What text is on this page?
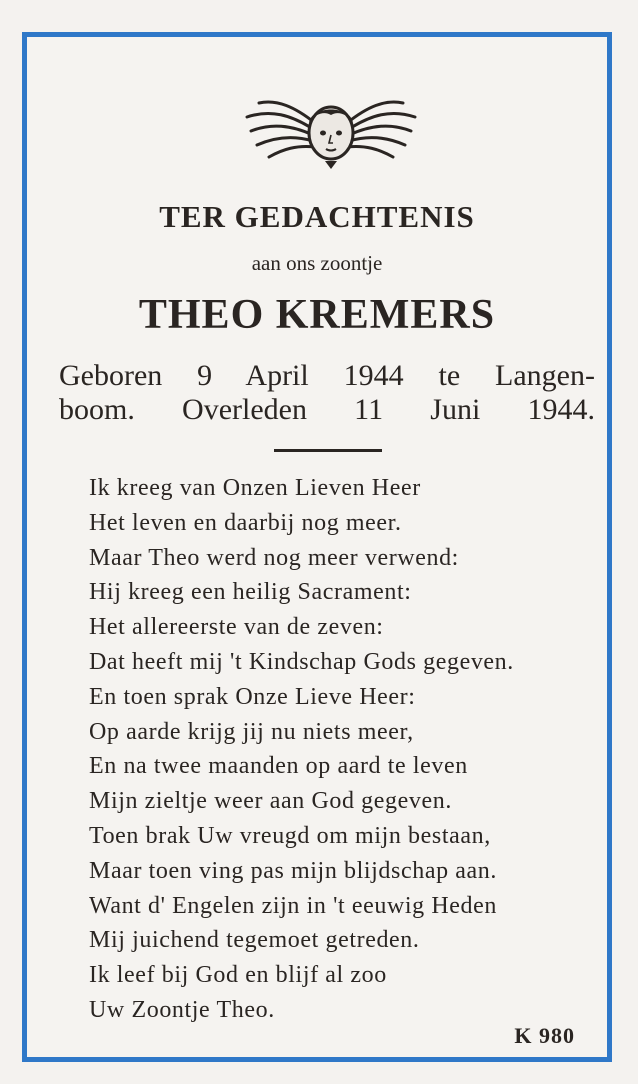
TER GEDACHTENIS
aan ons zoontje
THEO KREMERS
Geboren 9 April 1944 te Langen-
boom. Overleden 11 Juni 1944.
Ik kreeg van Onzen Lieven Heer
Het leven en daarbij nog meer.
Maar Theo werd nog meer verwend:
Hij kreeg een heilig Sacrament:
Het allereerste van de zeven:
Dat heeft mij 't Kindschap Gods gegeven.
En toen sprak Onze Lieve Heer:
Op aarde krijg jij nu niets meer,
En na twee maanden op aard te leven
Mijn zieltje weer aan God gegeven.
Toen brak Uw vreugd om mijn bestaan,
Maar toen ving pas mijn blijdschap aan.
Want d' Engelen zijn in 't eeuwig Heden
Mij juichend tegemoet getreden.
Ik leef bij God en blijf al zoo
Uw Zoontje Theo.
K 980
